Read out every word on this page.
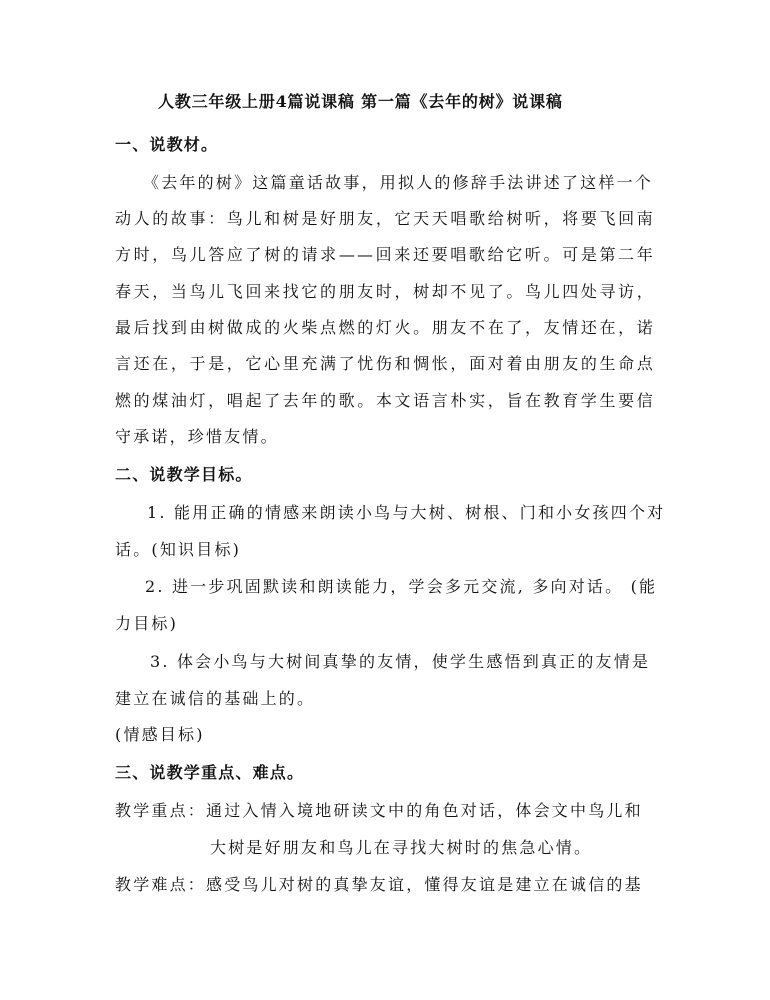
人教三年级上册4篇说课稿 第一篇《去年的树》说课稿
一、说教材。
《去年的树》这篇童话故事，用拟人的修辞手法讲述了这样一个
动人的故事：鸟儿和树是好朋友，它天天唱歌给树听，将要飞回南
方时，鸟儿答应了树的请求——回来还要唱歌给它听。可是第二年
春天，当鸟儿飞回来找它的朋友时，树却不见了。鸟儿四处寻访，
最后找到由树做成的火柴点燃的灯火。朋友不在了，友情还在，诺
言还在，于是，它心里充满了忧伤和惆怅，面对着由朋友的生命点
燃的煤油灯，唱起了去年的歌。本文语言朴实，旨在教育学生要信
守承诺，珍惜友情。
二、说教学目标。
1. 能用正确的情感来朗读小鸟与大树、树根、门和小女孩四个对
话。(知识目标)
2. 进一步巩固默读和朗读能力，学会多元交流, 多向对话。 (能
力目标)
3. 体会小鸟与大树间真挚的友情，使学生感悟到真正的友情是
建立在诚信的基础上的。
(情感目标)
三、说教学重点、难点。
教学重点：通过入情入境地研读文中的角色对话，体会文中鸟儿和
大树是好朋友和鸟儿在寻找大树时的焦急心情。
教学难点：感受鸟儿对树的真挚友谊，懂得友谊是建立在诚信的基
